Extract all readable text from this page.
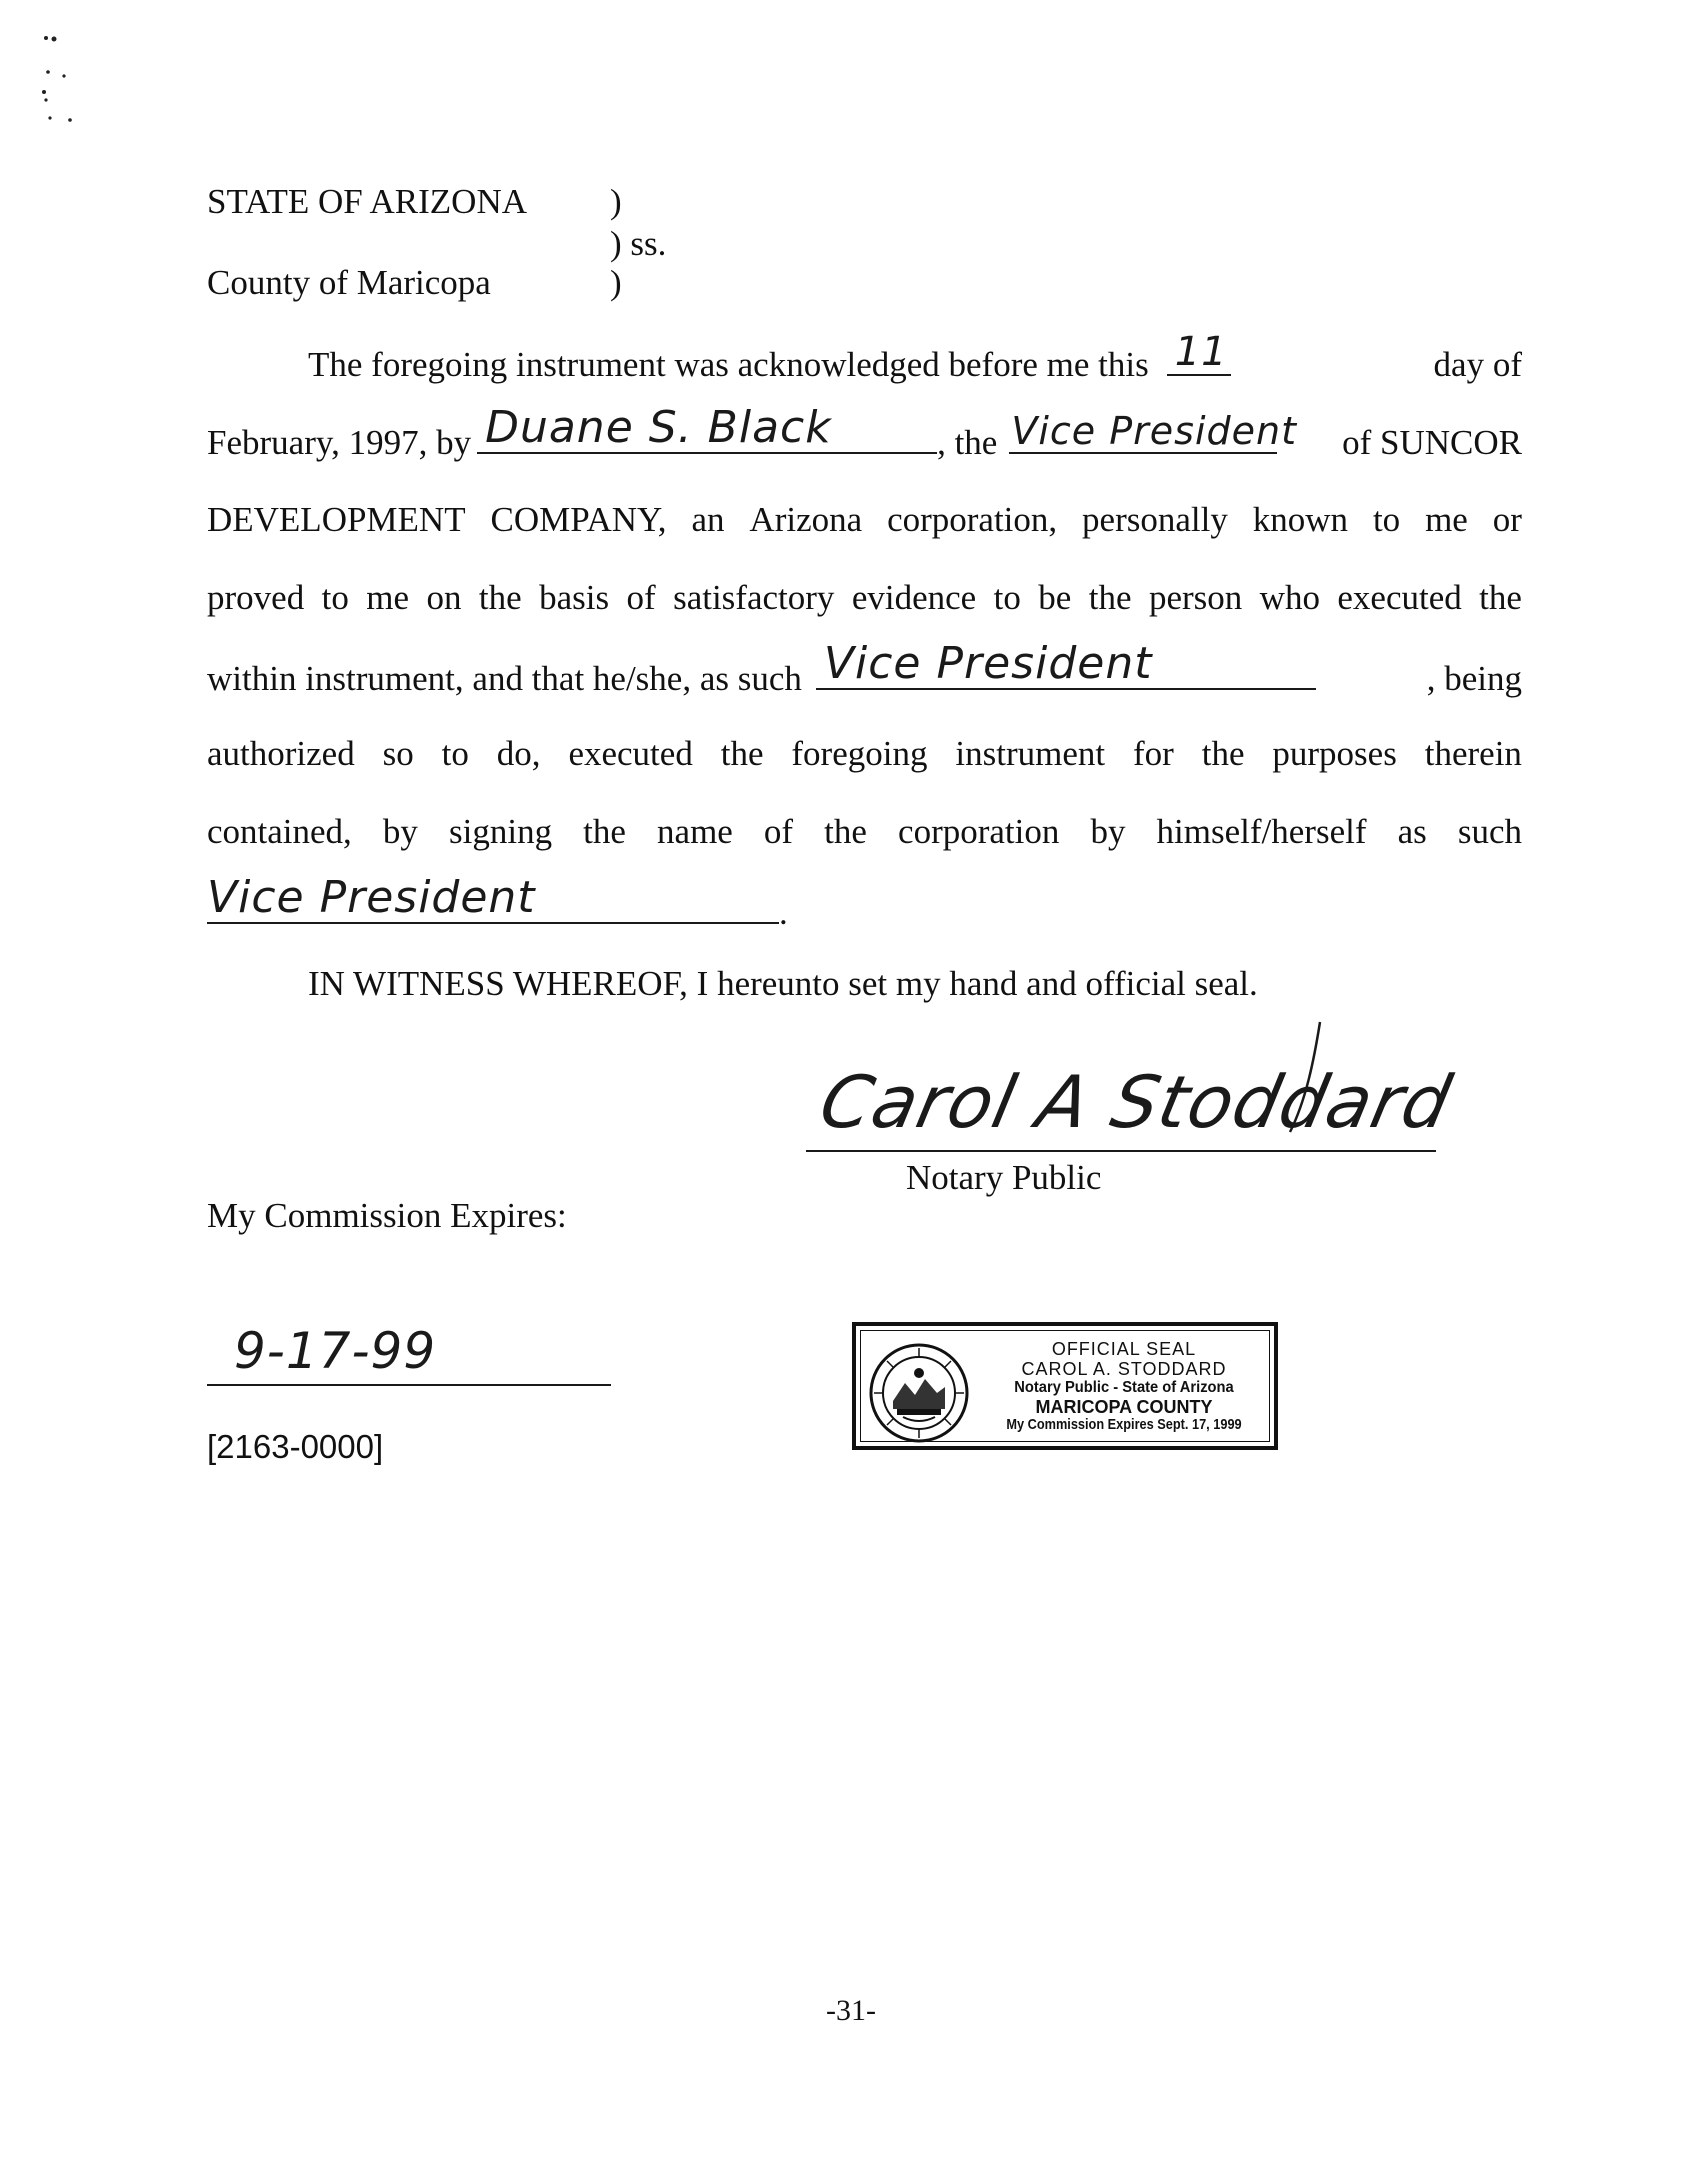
STATE OF ARIZONA )
) ss.
County of Maricopa	)
The foregoing instrument was acknowledged before me this 11	day of
February, 1997, by Duane S. Black	, the Vice President of SUNCOR
DEVELOPMENT COMPANY, an Arizona corporation, personally known to me or
proved to me on the basis of satisfactory evidence to be the person who executed the
within instrument, and that he/she, as such Vice President	, being
authorized so to do, executed the foregoing instrument for the purposes therein
contained, by signing the name of the corporation by himself/herself as such
Vice President	.
IN WITNESS WHEREOF, I hereunto set my hand and official seal.
Carol A Stoddard
Notary Public
My Commission Expires:
9-17-99
[2163-0000]
OFFICIAL SEAL
CAROL A. STODDARD
Notary Public - State of Arizona
MARICOPA COUNTY
My Commission Expires Sept. 17, 1999
-31-
